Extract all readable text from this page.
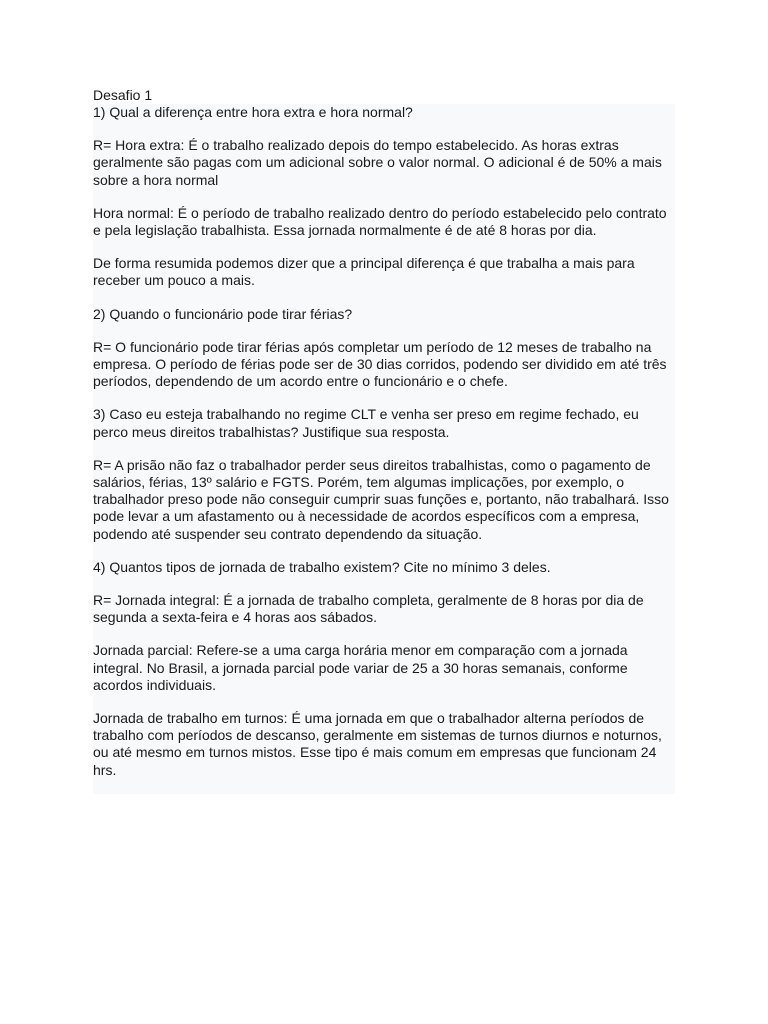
Desafio 1

1) Qual a diferença entre hora extra e hora normal?

R= Hora extra: É o trabalho realizado depois do tempo estabelecido. As horas extras geralmente são pagas com um adicional sobre o valor normal. O adicional é de 50% a mais sobre a hora normal

Hora normal: É o período de trabalho realizado dentro do período estabelecido pelo contrato e pela legislação trabalhista. Essa jornada normalmente é de até 8 horas por dia.

De forma resumida podemos dizer que a principal diferença é que trabalha a mais para receber um pouco a mais.

2) Quando o funcionário pode tirar férias?

R= O funcionário pode tirar férias após completar um período de 12 meses de trabalho na empresa. O período de férias pode ser de 30 dias corridos, podendo ser dividido em até três períodos, dependendo de um acordo entre o funcionário e o chefe.

3) Caso eu esteja trabalhando no regime CLT e venha ser preso em regime fechado, eu perco meus direitos trabalhistas? Justifique sua resposta.

R= A prisão não faz o trabalhador perder seus direitos trabalhistas, como o pagamento de salários, férias, 13º salário e FGTS. Porém, tem algumas implicações, por exemplo, o trabalhador preso pode não conseguir cumprir suas funções e, portanto, não trabalhará. Isso pode levar a um afastamento ou à necessidade de acordos específicos com a empresa, podendo até suspender seu contrato dependendo da situação.

4) Quantos tipos de jornada de trabalho existem? Cite no mínimo 3 deles.

R= Jornada integral: É a jornada de trabalho completa, geralmente de 8 horas por dia de segunda a sexta-feira e 4 horas aos sábados.

Jornada parcial: Refere-se a uma carga horária menor em comparação com a jornada integral. No Brasil, a jornada parcial pode variar de 25 a 30 horas semanais, conforme acordos individuais.

Jornada de trabalho em turnos: É uma jornada em que o trabalhador alterna períodos de trabalho com períodos de descanso, geralmente em sistemas de turnos diurnos e noturnos, ou até mesmo em turnos mistos. Esse tipo é mais comum em empresas que funcionam 24 hrs.
